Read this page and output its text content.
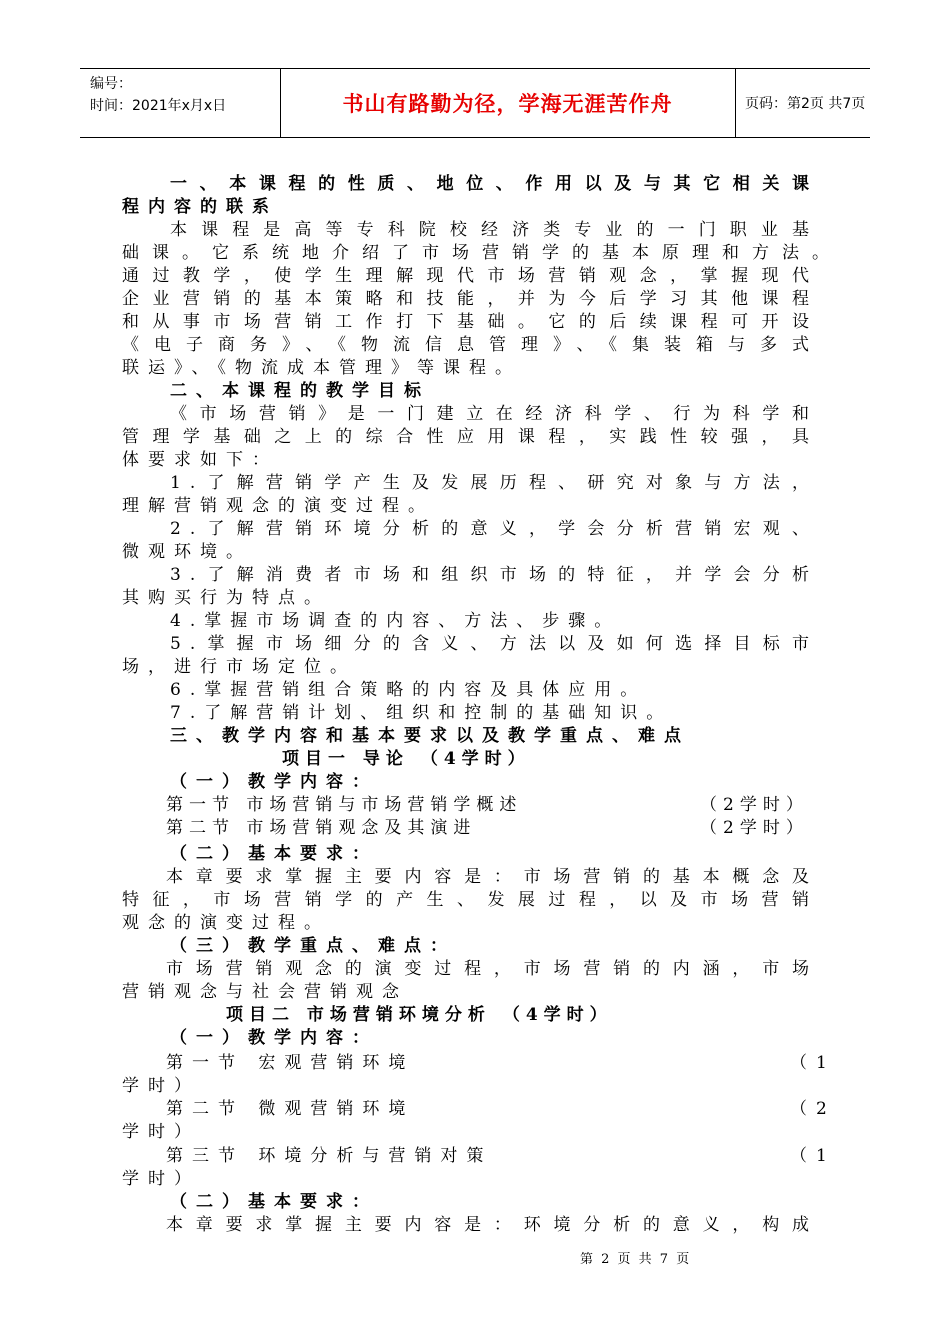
编号：
时间：2021年x月x日	书山有路勤为径，学海无涯苦作舟	页码：第2页 共7页
一、本课程的性质、地位、作用以及与其它相关课
程内容的联系
本课程是高等专科院校经济类专业的一门职业基
础课。它系统地介绍了市场营销学的基本原理和方法。
通过教学，使学生理解现代市场营销观念，掌握现代
企业营销的基本策略和技能，并为今后学习其他课程
和从事市场营销工作打下基础。它的后续课程可开设
《电子商务》、《物流信息管理》、《集装箱与多式
联运》、《物流成本管理》等课程。
二、本课程的教学目标
《市场营销》是一门建立在经济科学、行为科学和
管理学基础之上的综合性应用课程，实践性较强，具
体要求如下：
1.了解营销学产生及发展历程、研究对象与方法，
理解营销观念的演变过程。
2.了解营销环境分析的意义，学会分析营销宏观、
微观环境。
3.了解消费者市场和组织市场的特征，并学会分析
其购买行为特点。
4.掌握市场调查的内容、方法、步骤。
5.掌握市场细分的含义、方法以及如何选择目标市
场，进行市场定位。
6.掌握营销组合策略的内容及具体应用。
7.了解营销计划、组织和控制的基础知识。
三、教学内容和基本要求以及教学重点、难点
项目一 导论 （4学时）
（一）教学内容：
第一节 市场营销与市场营销学概述	（2学时）
第二节 市场营销观念及其演进	（2学时）
（二）基本要求：
本章要求掌握主要内容是：市场营销的基本概念及
特征，市场营销学的产生、发展过程，以及市场营销
观念的演变过程。
（三）教学重点、难点：
市场营销观念的演变过程，市场营销的内涵，市场
营销观念与社会营销观念
项目二 市场营销环境分析 （4学时）
（一）教学内容：
第一节 宏观营销环境	（1
学时）
第二节 微观营销环境	（2
学时）
第三节 环境分析与营销对策	（1
学时）
（二）基本要求：
本章要求掌握主要内容是：环境分析的意义，构成
第 2 页 共 7 页
